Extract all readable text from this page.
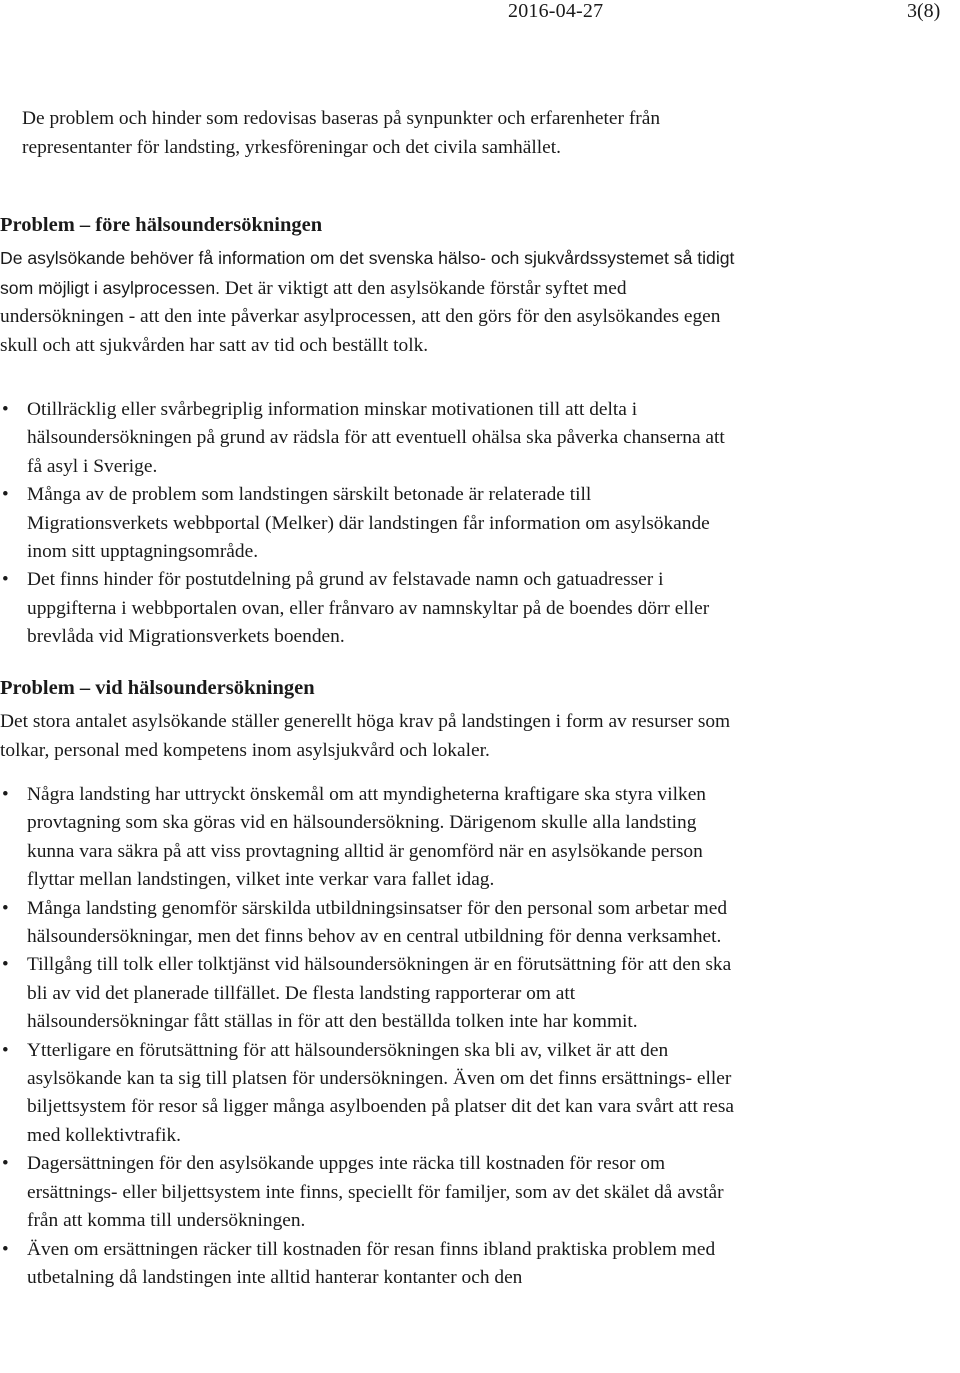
2016-04-27	3(8)

De problem och hinder som redovisas baseras på synpunkter och erfarenheter från representanter för landsting, yrkesföreningar och det civila samhället.

Problem – före hälsoundersökningen

De asylsökande behöver få information om det svenska hälso- och sjukvårdssystemet så tidigt som möjligt i asylprocessen. Det är viktigt att den asylsökande förstår syftet med undersökningen - att den inte påverkar asylprocessen, att den görs för den asylsökandes egen skull och att sjukvården har satt av tid och beställt tolk.

• Otillräcklig eller svårbegriplig information minskar motivationen till att delta i hälsoundersökningen på grund av rädsla för att eventuell ohälsa ska påverka chanserna att få asyl i Sverige.
• Många av de problem som landstingen särskilt betonade är relaterade till Migrationsverkets webbportal (Melker) där landstingen får information om asylsökande inom sitt upptagningsområde.
• Det finns hinder för postutdelning på grund av felstavade namn och gatuadresser i uppgifterna i webbportalen ovan, eller frånvaro av namnskyltar på de boendes dörr eller brevlåda vid Migrationsverkets boenden.
Problem – vid hälsoundersökningen

Det stora antalet asylsökande ställer generellt höga krav på landstingen i form av resurser som tolkar, personal med kompetens inom asylsjukvård och lokaler.

• Några landsting har uttryckt önskemål om att myndigheterna kraftigare ska styra vilken provtagning som ska göras vid en hälsoundersökning. Därigenom skulle alla landsting kunna vara säkra på att viss provtagning alltid är genomförd när en asylsökande person flyttar mellan landstingen, vilket inte verkar vara fallet idag.
• Många landsting genomför särskilda utbildningsinsatser för den personal som arbetar med hälsoundersökningar, men det finns behov av en central utbildning för denna verksamhet.
• Tillgång till tolk eller tolktjänst vid hälsoundersökningen är en förutsättning för att den ska bli av vid det planerade tillfället. De flesta landsting rapporterar om att hälsoundersökningar fått ställas in för att den beställda tolken inte har kommit.
• Ytterligare en förutsättning för att hälsoundersökningen ska bli av, vilket är att den asylsökande kan ta sig till platsen för undersökningen. Även om det finns ersättnings- eller biljettsystem för resor så ligger många asylboenden på platser dit det kan vara svårt att resa med kollektivtrafik.
• Dagersättningen för den asylsökande uppges inte räcka till kostnaden för resor om ersättnings- eller biljettsystem inte finns, speciellt för familjer, som av det skälet då avstår från att komma till undersökningen.
• Även om ersättningen räcker till kostnaden för resan finns ibland praktiska problem med utbetalning då landstingen inte alltid hanterar kontanter och den
